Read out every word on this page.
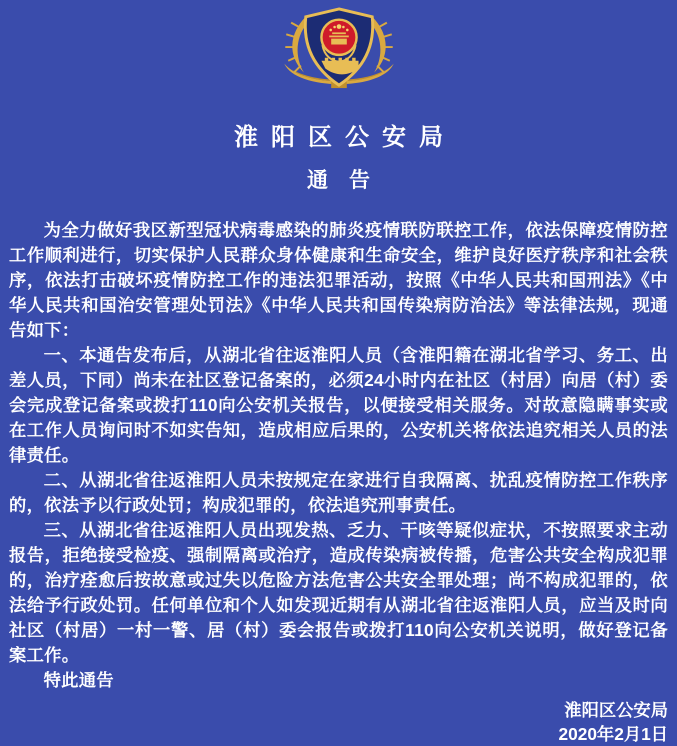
淮阳区公安局
通告

为全力做好我区新型冠状病毒感染的肺炎疫情联防联控工作，依法保障疫情防控工作顺利进行，切实保护人民群众身体健康和生命安全，维护良好医疗秩序和社会秩序，依法打击破坏疫情防控工作的违法犯罪活动，按照《中华人民共和国刑法》《中华人民共和国治安管理处罚法》《中华人民共和国传染病防治法》等法律法规，现通告如下：

一、本通告发布后，从湖北省往返淮阳人员（含淮阳籍在湖北省学习、务工、出差人员，下同）尚未在社区登记备案的，必须24小时内在社区（村居）向居（村）委会完成登记备案或拨打110向公安机关报告，以便接受相关服务。对故意隐瞒事实或在工作人员询问时不如实告知，造成相应后果的，公安机关将依法追究相关人员的法律责任。

二、从湖北省往返淮阳人员未按规定在家进行自我隔离、扰乱疫情防控工作秩序的，依法予以行政处罚；构成犯罪的，依法追究刑事责任。

三、从湖北省往返淮阳人员出现发热、乏力、干咳等疑似症状，不按照要求主动报告，拒绝接受检疫、强制隔离或治疗，造成传染病被传播，危害公共安全构成犯罪的，治疗痊愈后按故意或过失以危险方法危害公共安全罪处理；尚不构成犯罪的，依法给予行政处罚。任何单位和个人如发现近期有从湖北省往返淮阳人员，应当及时向社区（村居）一村一警、居（村）委会报告或拨打110向公安机关说明，做好登记备案工作。

特此通告

淮阳区公安局
2020年2月1日
